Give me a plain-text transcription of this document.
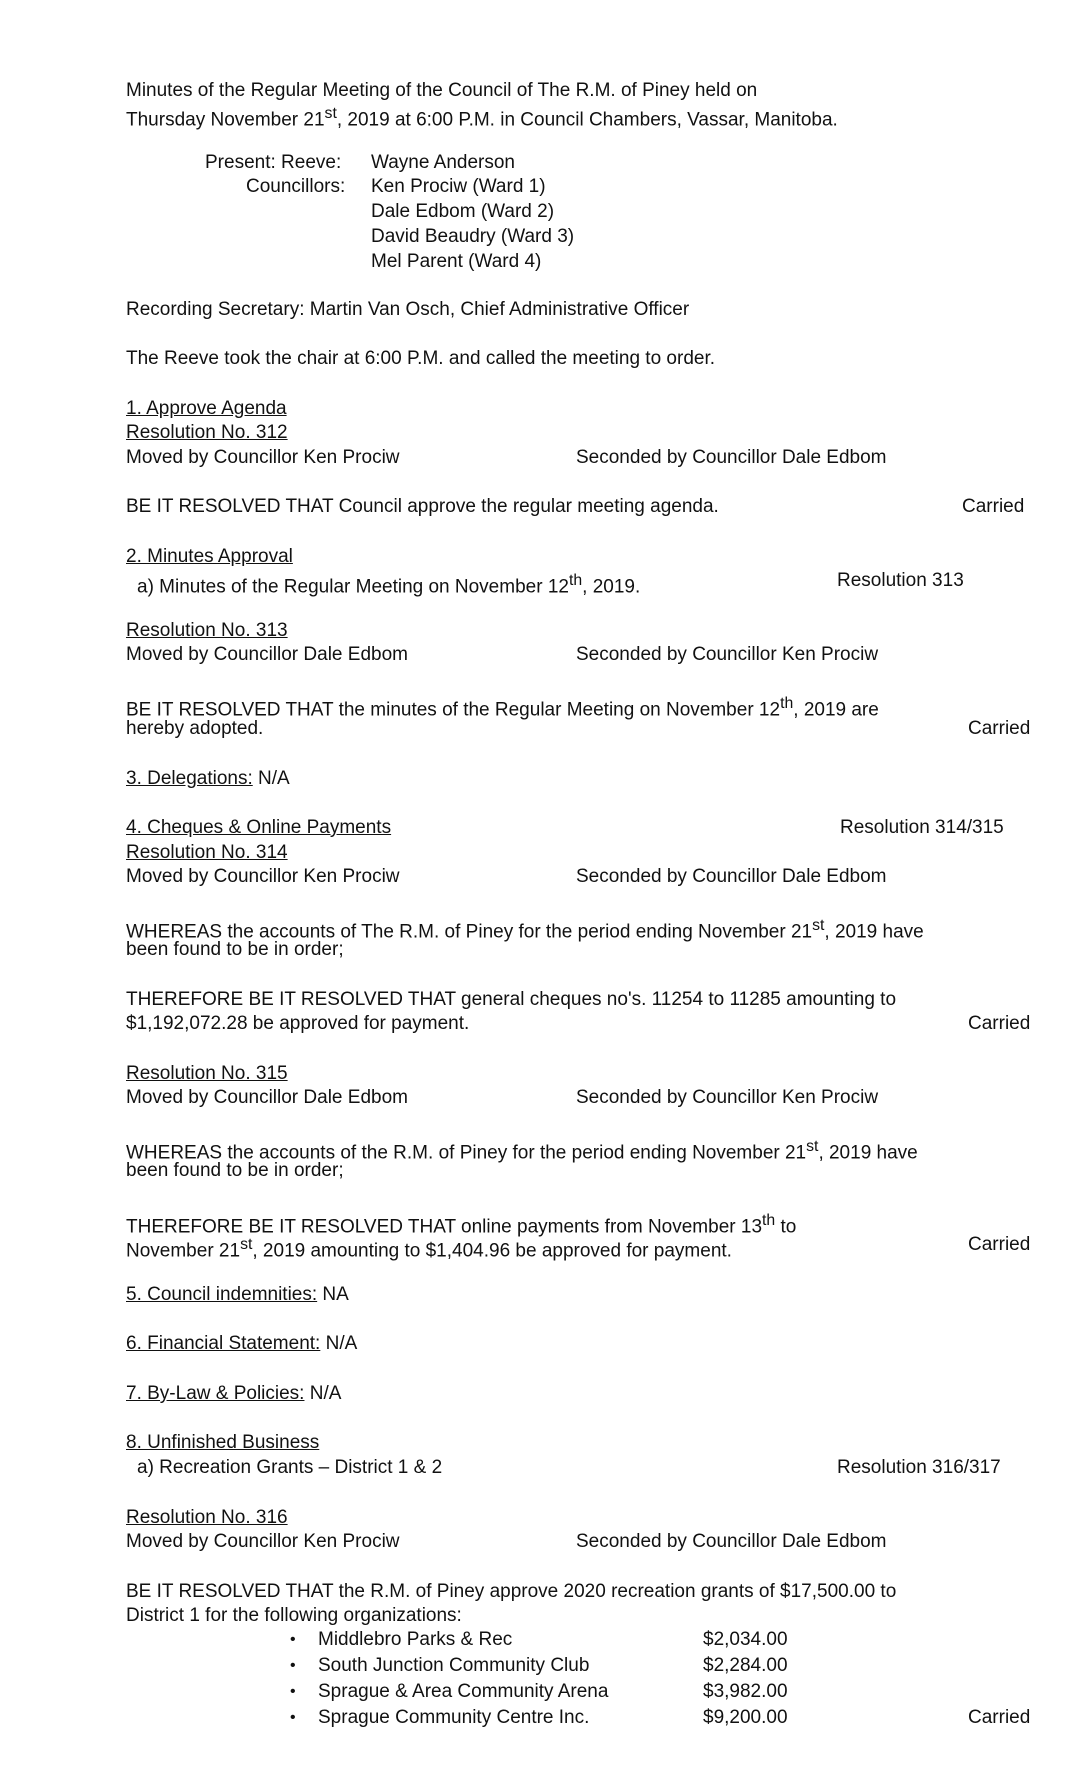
Minutes of the Regular Meeting of the Council of The R.M. of Piney held on
Thursday November 21st, 2019 at 6:00 P.M. in Council Chambers, Vassar, Manitoba.
Present: Reeve: Wayne Anderson
Councillors: Ken Prociw (Ward 1)
Dale Edbom (Ward 2)
David Beaudry (Ward 3)
Mel Parent (Ward 4)
Recording Secretary: Martin Van Osch, Chief Administrative Officer
The Reeve took the chair at 6:00 P.M. and called the meeting to order.
1. Approve Agenda
Resolution No. 312
Moved by Councillor Ken Prociw	Seconded by Councillor Dale Edbom
BE IT RESOLVED THAT Council approve the regular meeting agenda.	Carried
2. Minutes Approval
a) Minutes of the Regular Meeting on November 12th, 2019.	Resolution 313
Resolution No. 313
Moved by Councillor Dale Edbom	Seconded by Councillor Ken Prociw
BE IT RESOLVED THAT the minutes of the Regular Meeting on November 12th, 2019 are
hereby adopted.	Carried
3. Delegations: N/A
4. Cheques & Online Payments	Resolution 314/315
Resolution No. 314
Moved by Councillor Ken Prociw	Seconded by Councillor Dale Edbom
WHEREAS the accounts of The R.M. of Piney for the period ending November 21st, 2019 have
been found to be in order;
THEREFORE BE IT RESOLVED THAT general cheques no's. 11254 to 11285 amounting to
$1,192,072.28 be approved for payment.	Carried
Resolution No. 315
Moved by Councillor Dale Edbom	Seconded by Councillor Ken Prociw
WHEREAS the accounts of the R.M. of Piney for the period ending November 21st, 2019 have
been found to be in order;
THEREFORE BE IT RESOLVED THAT online payments from November 13th to
November 21st, 2019 amounting to $1,404.96 be approved for payment.	Carried
5. Council indemnities: NA
6. Financial Statement: N/A
7. By-Law & Policies: N/A
8. Unfinished Business
a) Recreation Grants – District 1 & 2	Resolution 316/317
Resolution No. 316
Moved by Councillor Ken Prociw	Seconded by Councillor Dale Edbom
BE IT RESOLVED THAT the R.M. of Piney approve 2020 recreation grants of $17,500.00 to
District 1 for the following organizations:
• Middlebro Parks & Rec	$2,034.00
• South Junction Community Club	$2,284.00
• Sprague & Area Community Arena	$3,982.00
• Sprague Community Centre Inc.	$9,200.00	Carried
